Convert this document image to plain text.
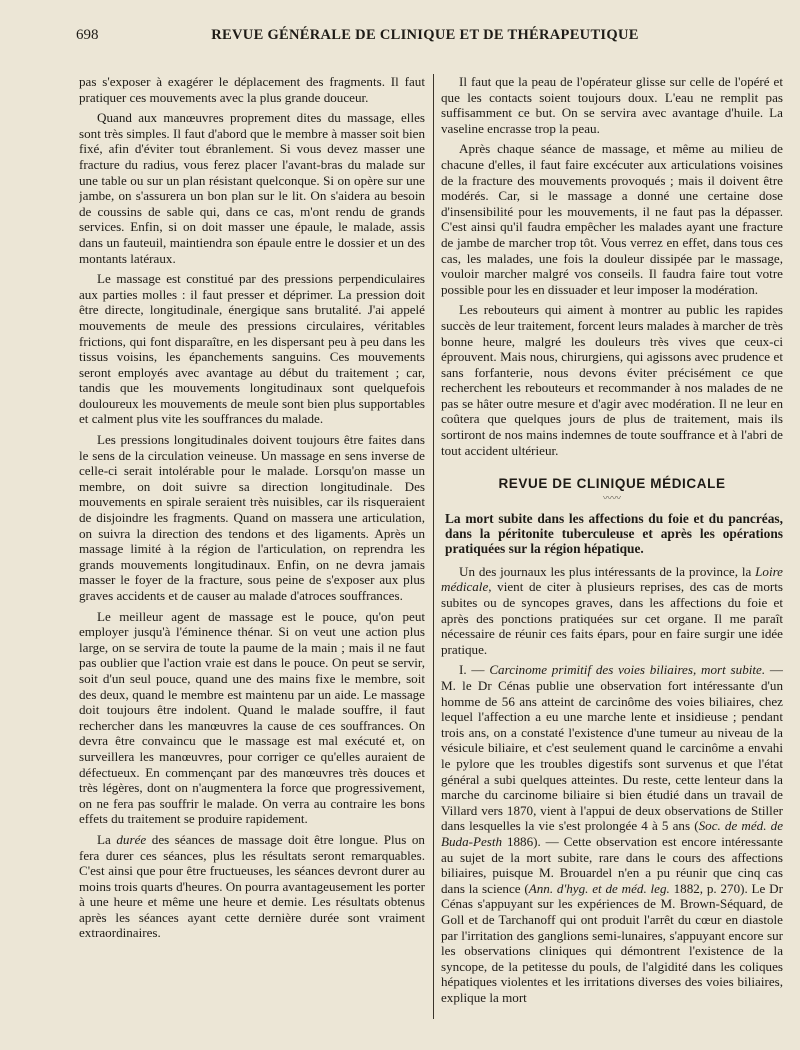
698	REVUE GÉNÉRALE DE CLINIQUE ET DE THÉRAPEUTIQUE

pas s'exposer à exagérer le déplacement des fragments. Il faut pratiquer ces mouvements avec la plus grande douceur.

Quand aux manœuvres proprement dites du massage, elles sont très simples. Il faut d'abord que le membre à masser soit bien fixé, afin d'éviter tout ébranlement. Si vous devez masser une fracture du radius, vous ferez placer l'avant-bras du malade sur une table ou sur un plan résistant quelconque. Si on opère sur une jambe, on s'assurera un bon plan sur le lit. On s'aidera au besoin de coussins de sable qui, dans ce cas, m'ont rendu de grands services. Enfin, si on doit masser une épaule, le malade, assis dans un fauteuil, maintiendra son épaule entre le dossier et un des montants latéraux.

Le massage est constitué par des pressions perpendiculaires aux parties molles : il faut presser et déprimer. La pression doit être directe, longitudinale, énergique sans brutalité. J'ai appelé mouvements de meule des pressions circulaires, véritables frictions, qui font disparaître, en les dispersant peu à peu dans les tissus voisins, les épanchements sanguins. Ces mouvements seront employés avec avantage au début du traitement ; car, tandis que les mouvements longitudinaux sont quelquefois douloureux les mouvements de meule sont bien plus supportables et calment plus vite les souffrances du malade.

Les pressions longitudinales doivent toujours être faites dans le sens de la circulation veineuse. Un massage en sens inverse de celle-ci serait intolérable pour le malade. Lorsqu'on masse un membre, on doit suivre sa direction longitudinale. Des mouvements en spirale seraient très nuisibles, car ils risqueraient de disjoindre les fragments. Quand on massera une articulation, on suivra la direction des tendons et des ligaments. Après un massage limité à la région de l'articulation, on reprendra les grands mouvements longitudinaux. Enfin, on ne devra jamais masser le foyer de la fracture, sous peine de s'exposer aux plus graves accidents et de causer au malade d'atroces souffrances.

Le meilleur agent de massage est le pouce, qu'on peut employer jusqu'à l'éminence thénar. Si on veut une action plus large, on se servira de toute la paume de la main ; mais il ne faut pas oublier que l'action vraie est dans le pouce. On peut se servir, soit d'un seul pouce, quand une des mains fixe le membre, soit des deux, quand le membre est maintenu par un aide. Le massage doit toujours être indolent. Quand le malade souffre, il faut rechercher dans les manœuvres la cause de ces souffrances. On devra être convaincu que le massage est mal exécuté et, on surveillera les manœuvres, pour corriger ce qu'elles auraient de défectueux. En commençant par des manœuvres très douces et très légères, dont on n'augmentera la force que progressivement, on ne fera pas souffrir le malade. On verra au contraire les bons effets du traitement se produire rapidement.

La durée des séances de massage doit être longue. Plus on fera durer ces séances, plus les résultats seront remarquables. C'est ainsi que pour être fructueuses, les séances devront durer au moins trois quarts d'heures. On pourra avantageusement les porter à une heure et même une heure et demie. Les résultats obtenus après les séances ayant cette dernière durée sont vraiment extraordinaires.

Il faut que la peau de l'opérateur glisse sur celle de l'opéré et que les contacts soient toujours doux. L'eau ne remplit pas suffisamment ce but. On se servira avec avantage d'huile. La vaseline encrasse trop la peau.

Après chaque séance de massage, et même au milieu de chacune d'elles, il faut faire excécuter aux articulations voisines de la fracture des mouvements provoqués ; mais il doivent être modérés. Car, si le massage a donné une certaine dose d'insensibilité pour les mouvements, il ne faut pas la dépasser. C'est ainsi qu'il faudra empêcher les malades ayant une fracture de jambe de marcher trop tôt. Vous verrez en effet, dans tous ces cas, les malades, une fois la douleur dissipée par le massage, vouloir marcher malgré vos conseils. Il faudra faire tout votre possible pour les en dissuader et leur imposer la modération.

Les rebouteurs qui aiment à montrer au public les rapides succès de leur traitement, forcent leurs malades à marcher de très bonne heure, malgré les douleurs très vives que ceux-ci éprouvent. Mais nous, chirurgiens, qui agissons avec prudence et sans forfanterie, nous devons éviter précisément ce que recherchent les rebouteurs et recommander à nos malades de ne pas se hâter outre mesure et d'agir avec modération. Il ne leur en coûtera que quelques jours de plus de traitement, mais ils sortiront de nos mains indemnes de toute souffrance et à l'abri de tout accident ultérieur.

REVUE DE CLINIQUE MÉDICALE
〰〰

La mort subite dans les affections du foie et du pancréas, dans la péritonite tuberculeuse et après les opérations pratiquées sur la région hépatique.

Un des journaux les plus intéressants de la province, la Loire médicale, vient de citer à plusieurs reprises, des cas de morts subites ou de syncopes graves, dans les affections du foie et après des ponctions pratiquées sur cet organe. Il me paraît nécessaire de réunir ces faits épars, pour en faire surgir une idée pratique.

I. — Carcinome primitif des voies biliaires, mort subite. — M. le Dr Cénas publie une observation fort intéressante d'un homme de 56 ans atteint de carcinôme des voies biliaires, chez lequel l'affection a eu une marche lente et insidieuse ; pendant trois ans, on a constaté l'existence d'une tumeur au niveau de la vésicule biliaire, et c'est seulement quand le carcinôme a envahi le pylore que les troubles digestifs sont survenus et que l'état général a subi quelques atteintes. Du reste, cette lenteur dans la marche du carcinome biliaire si bien étudié dans un travail de Villard vers 1870, vient à l'appui de deux observations de Stiller dans lesquelles la vie s'est prolongée 4 à 5 ans (Soc. de méd. de Buda-Pesth 1886). — Cette observation est encore intéressante au sujet de la mort subite, rare dans le cours des affections biliaires, puisque M. Brouardel n'en a pu réunir que cinq cas dans la science (Ann. d'hyg. et de méd. leg. 1882, p. 270). Le Dr Cénas s'appuyant sur les expériences de M. Brown-Séquard, de Goll et de Tarchanoff qui ont produit l'arrêt du cœur en diastole par l'irritation des ganglions semi-lunaires, s'appuyant encore sur les observations cliniques qui démontrent l'existence de la syncope, de la petitesse du pouls, de l'algidité dans les coliques hépatiques violentes et les irritations diverses des voies biliaires, explique la mort
